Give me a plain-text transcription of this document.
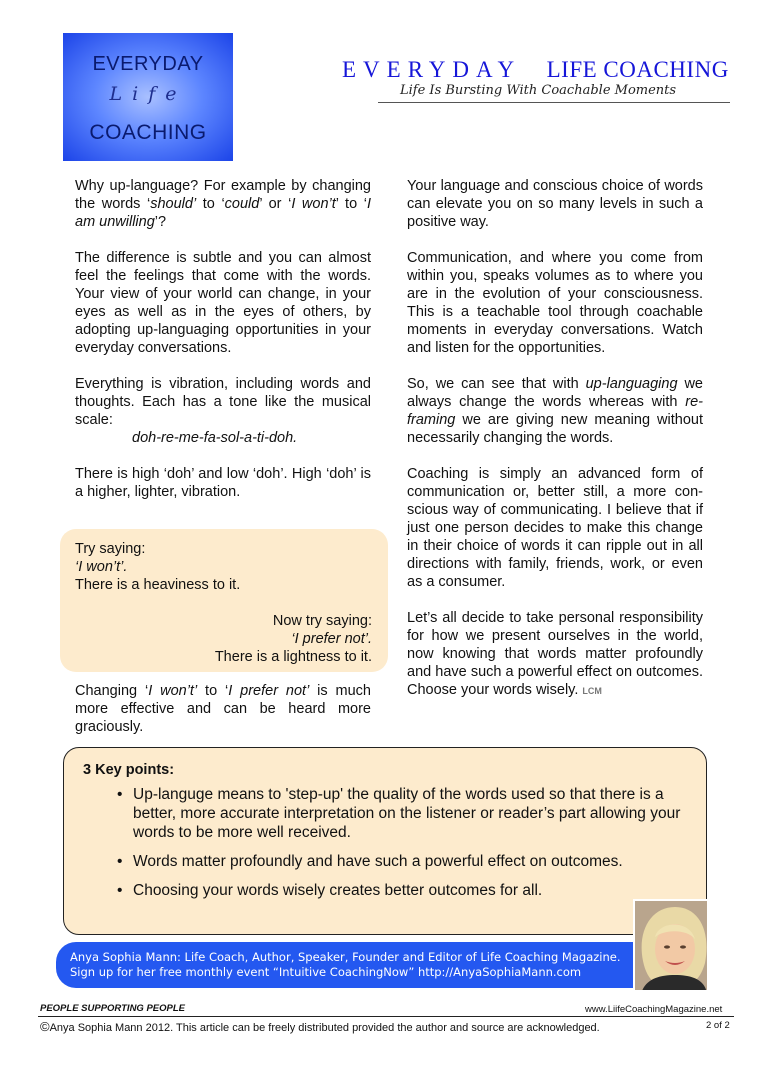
EVERYDAY
Life
COACHING
EVERYDAY LIFE COACHING
Life Is Bursting With Coachable Moments

Why up-language? For example by changing the words ‘should’ to ‘could’ or ‘I won’t’ to ‘I am unwilling’?

The difference is subtle and you can almost feel the feelings that come with the words. Your view of your world can change, in your eyes as well as in the eyes of others, by adopting up-languaging opportunities in your everyday conversations.

Everything is vibration, including words and thoughts. Each has a tone like the musical scale:
doh-re-me-fa-sol-a-ti-doh.

There is high ‘doh’ and low ‘doh’. High ‘doh’ is a higher, lighter, vibration.

Try saying:
‘I won’t’.
There is a heaviness to it.
Now try saying:
‘I prefer not’.
There is a lightness to it.
Changing ‘I won’t’ to ‘I prefer not’ is much more effective and can be heard more graciously.

Your language and conscious choice of words can elevate you on so many levels in such a positive way.

Communication, and where you come from within you, speaks volumes as to where you are in the evolution of your consciousness. This is a teachable tool through coachable moments in everyday conversations. Watch and listen for the opportunities.

So, we can see that with up-languaging we always change the words whereas with re-framing we are giving new meaning without necessarily changing the words.

Coaching is simply an advanced form of communication or, better still, a more conscious way of communicating. I believe that if just one person decides to make this change in their choice of words it can ripple out in all directions with family, friends, work, or even as a consumer.

Let’s all decide to take personal responsibility for how we present ourselves in the world, now knowing that words matter profoundly and have such a powerful effect on outcomes. Choose your words wisely. LCM

3 Key points:
• Up-languge means to 'step-up' the quality of the words used so that there is a better, more accurate interpretation on the listener or reader’s part allowing your words to be more well received.
• Words matter profoundly and have such a powerful effect on outcomes.
• Choosing your words wisely creates better outcomes for all.
Anya Sophia Mann: Life Coach, Author, Speaker, Founder and Editor of Life Coaching Magazine.
Sign up for her free monthly event “Intuitive CoachingNow” http://AnyaSophiaMann.com
PEOPLE SUPPORTING PEOPLE	www.LiifeCoachingMagazine.net
©Anya Sophia Mann 2012. This article can be freely distributed provided the author and source are acknowledged.	2 of 2
